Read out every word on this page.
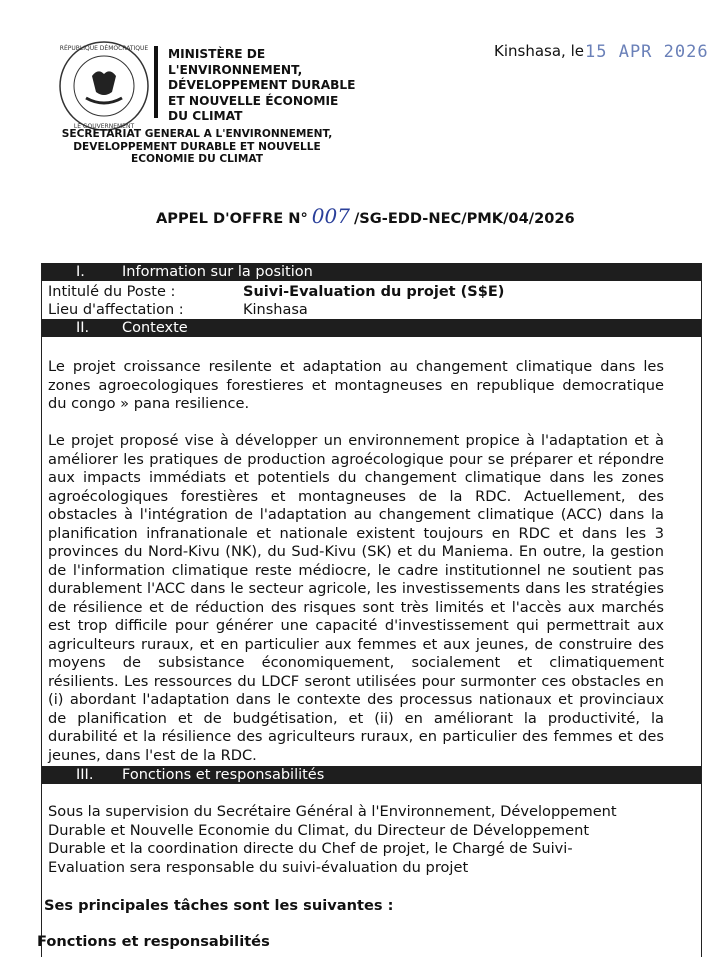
RÉPUBLIQUE DÉMOCRATIQUE
LE GOUVERNEMENT
MINISTÈRE DE
L'ENVIRONNEMENT,
DÉVELOPPEMENT DURABLE
ET NOUVELLE ÉCONOMIE
DU CLIMAT
SECRETARIAT GENERAL A L'ENVIRONNEMENT,
DEVELOPPEMENT DURABLE ET NOUVELLE
ECONOMIE DU CLIMAT
Kinshasa, le 15 APR 2026
APPEL D'OFFRE N° 007 /SG-EDD-NEC/PMK/04/2026
I.	Information sur la position
Intitulé du Poste :	Suivi-Evaluation du projet (S$E)
Lieu d'affectation :	Kinshasa
II. Contexte
Le projet croissance resilente et adaptation au changement climatique dans les zones agroecologiques forestieres et montagneuses en republique democratique du congo » pana resilience.
Le projet proposé vise à développer un environnement propice à l'adaptation et à améliorer les pratiques de production agroécologique pour se préparer et répondre aux impacts immédiats et potentiels du changement climatique dans les zones agroécologiques forestières et montagneuses de la RDC. Actuellement, des obstacles à l'intégration de l'adaptation au changement climatique (ACC) dans la planification infranationale et nationale existent toujours en RDC et dans les 3 provinces du Nord-Kivu (NK), du Sud-Kivu (SK) et du Maniema. En outre, la gestion de l'information climatique reste médiocre, le cadre institutionnel ne soutient pas durablement l'ACC dans le secteur agricole, les investissements dans les stratégies de résilience et de réduction des risques sont très limités et l'accès aux marchés est trop difficile pour générer une capacité d'investissement qui permettrait aux agriculteurs ruraux, et en particulier aux femmes et aux jeunes, de construire des moyens de subsistance économiquement, socialement et climatiquement résilients. Les ressources du LDCF seront utilisées pour surmonter ces obstacles en (i) abordant l'adaptation dans le contexte des processus nationaux et provinciaux de planification et de budgétisation, et (ii) en améliorant la productivité, la durabilité et la résilience des agriculteurs ruraux, en particulier des femmes et des jeunes, dans l'est de la RDC.
III. Fonctions et responsabilités
Sous la supervision du Secrétaire Général à l'Environnement, Développement Durable et Nouvelle Economie du Climat, du Directeur de Développement Durable et la coordination directe du Chef de projet, le Chargé de Suivi-Evaluation sera responsable du suivi-évaluation du projet
Ses principales tâches sont les suivantes :
Fonctions et responsabilités
